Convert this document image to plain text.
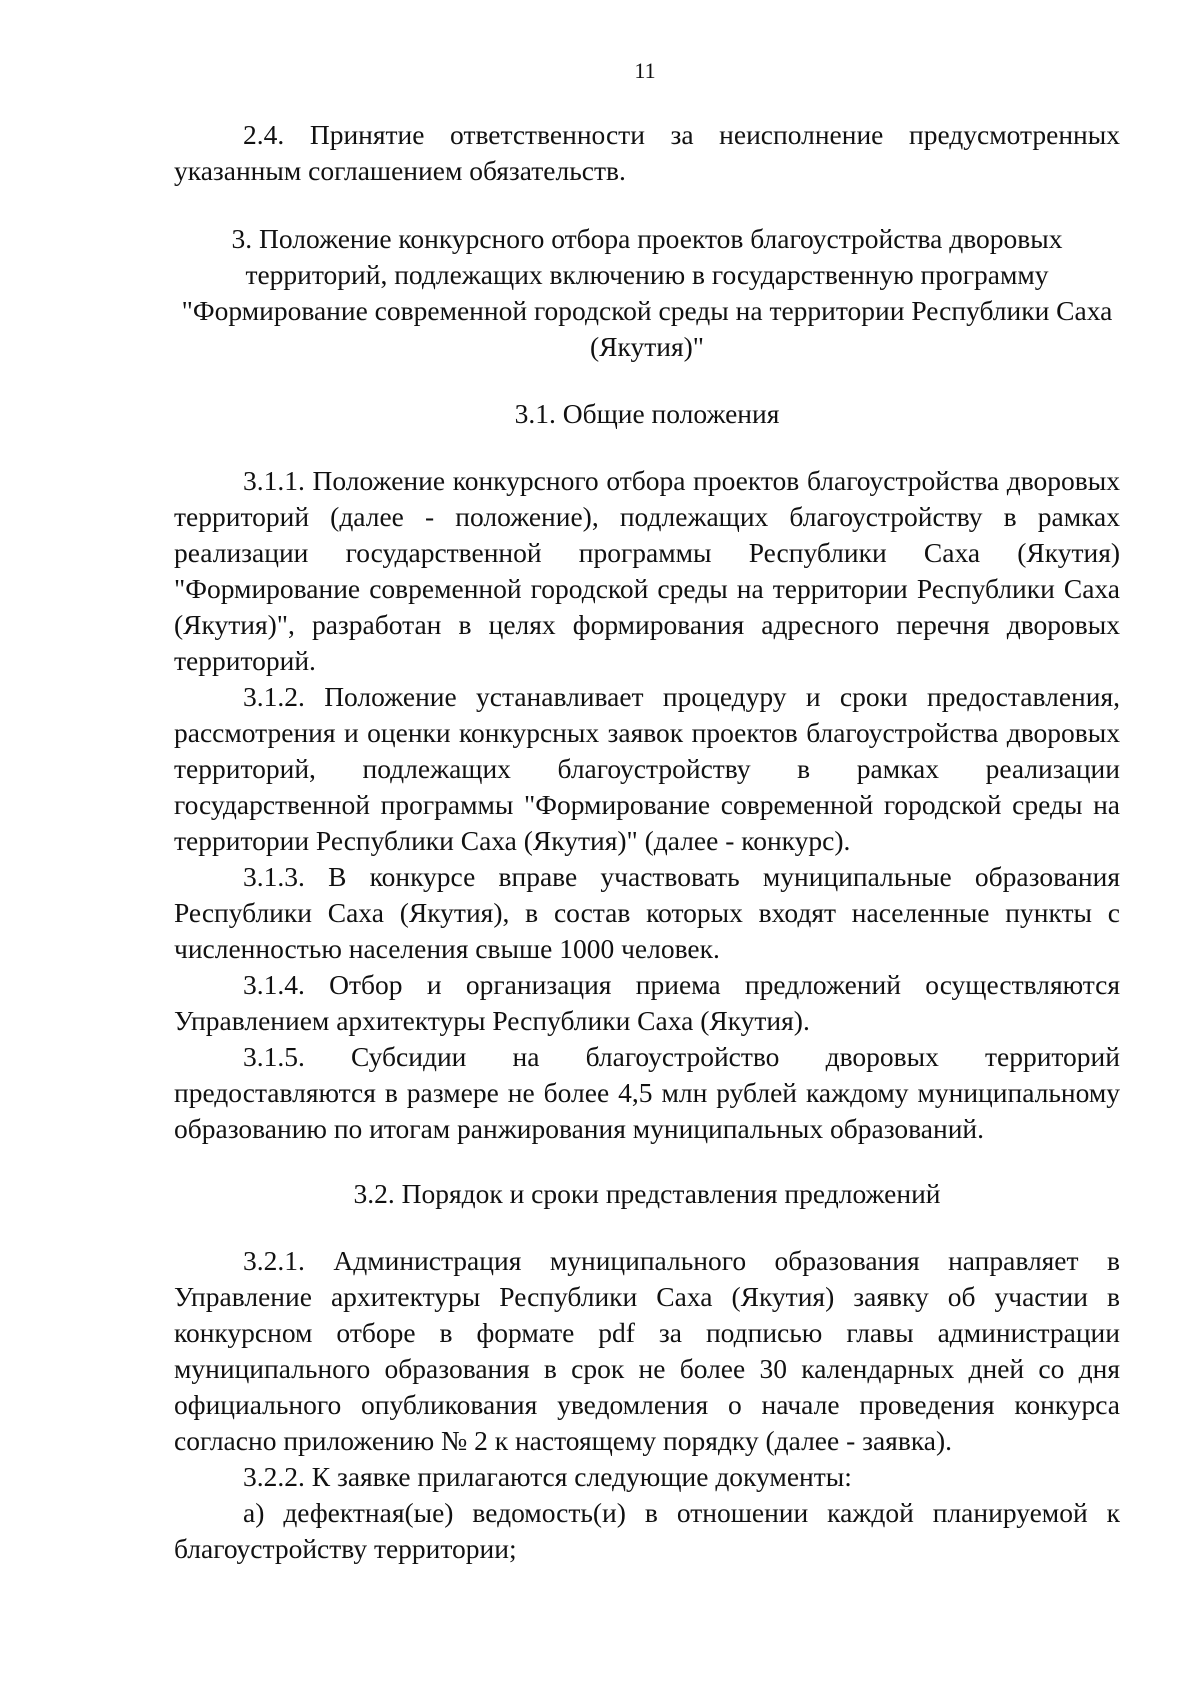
11

2.4. Принятие ответственности за неисполнение предусмотренных указанным соглашением обязательств.

3. Положение конкурсного отбора проектов благоустройства дворовых территорий, подлежащих включению в государственную программу "Формирование современной городской среды на территории Республики Саха (Якутия)"

3.1. Общие положения

3.1.1. Положение конкурсного отбора проектов благоустройства дворовых территорий (далее - положение), подлежащих благоустройству в рамках реализации государственной программы Республики Саха (Якутия) "Формирование современной городской среды на территории Республики Саха (Якутия)", разработан в целях формирования адресного перечня дворовых территорий.

3.1.2. Положение устанавливает процедуру и сроки предоставления, рассмотрения и оценки конкурсных заявок проектов благоустройства дворовых территорий, подлежащих благоустройству в рамках реализации государственной программы "Формирование современной городской среды на территории Республики Саха (Якутия)" (далее - конкурс).

3.1.3. В конкурсе вправе участвовать муниципальные образования Республики Саха (Якутия), в состав которых входят населенные пункты с численностью населения свыше 1000 человек.

3.1.4. Отбор и организация приема предложений осуществляются Управлением архитектуры Республики Саха (Якутия).

3.1.5. Субсидии на благоустройство дворовых территорий предоставляются в размере не более 4,5 млн рублей каждому муниципальному образованию по итогам ранжирования муниципальных образований.

3.2. Порядок и сроки представления предложений

3.2.1. Администрация муниципального образования направляет в Управление архитектуры Республики Саха (Якутия) заявку об участии в конкурсном отборе в формате pdf за подписью главы администрации муниципального образования в срок не более 30 календарных дней со дня официального опубликования уведомления о начале проведения конкурса согласно приложению № 2 к настоящему порядку (далее - заявка).

3.2.2. К заявке прилагаются следующие документы:

а) дефектная(ые) ведомость(и) в отношении каждой планируемой к благоустройству территории;
